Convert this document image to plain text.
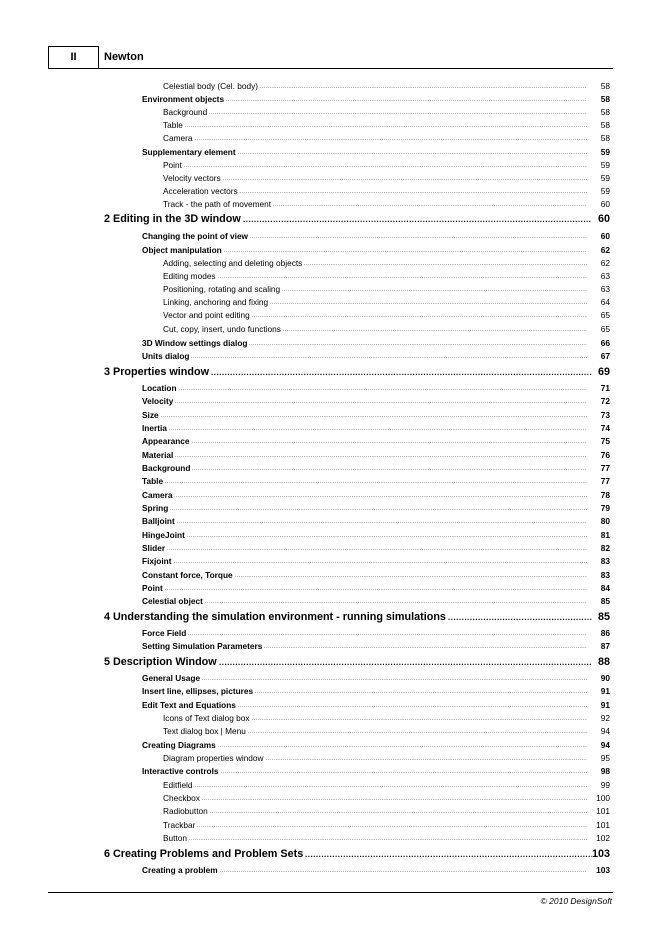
II	Newton
Celestial body (Cel. body) .....	58
Environment objects .....	58
Background .....	58
Table .....	58
Camera .....	58
Supplementary element .....	59
Point .....	59
Velocity vectors .....	59
Acceleration vectors .....	59
Track - the path of movement .....	60
2 Editing in the 3D window .....	60
Changing the point of view .....	60
Object manipulation .....	62
Adding, selecting and deleting objects .....	62
Editing modes .....	63
Positioning, rotating and scaling .....	63
Linking, anchoring and fixing .....	64
Vector and point editing .....	65
Cut, copy, insert, undo functions .....	65
3D Window settings dialog .....	66
Units dialog .....	67
3 Properties window .....	69
Location .....	71
Velocity .....	72
Size .....	73
Inertia .....	74
Appearance .....	75
Material .....	76
Background .....	77
Table .....	77
Camera .....	78
Spring .....	79
Balljoint .....	80
HingeJoint .....	81
Slider .....	82
Fixjoint .....	83
Constant force, Torque .....	83
Point .....	84
Celestial object .....	85
4 Understanding the simulation environment - running simulations .....	85
Force Field .....	86
Setting Simulation Parameters .....	87
5 Description Window .....	88
General Usage .....	90
Insert line, ellipses, pictures .....	91
Edit Text and Equations .....	91
Icons of Text dialog box .....	92
Text dialog box | Menu .....	94
Creating Diagrams .....	94
Diagram properties window .....	95
Interactive controls .....	98
Editfield .....	99
Checkbox .....	100
Radiobutton .....	101
Trackbar .....	101
Button .....	102
6 Creating Problems and Problem Sets .....	103
Creating a problem .....	103
© 2010 DesignSoft
